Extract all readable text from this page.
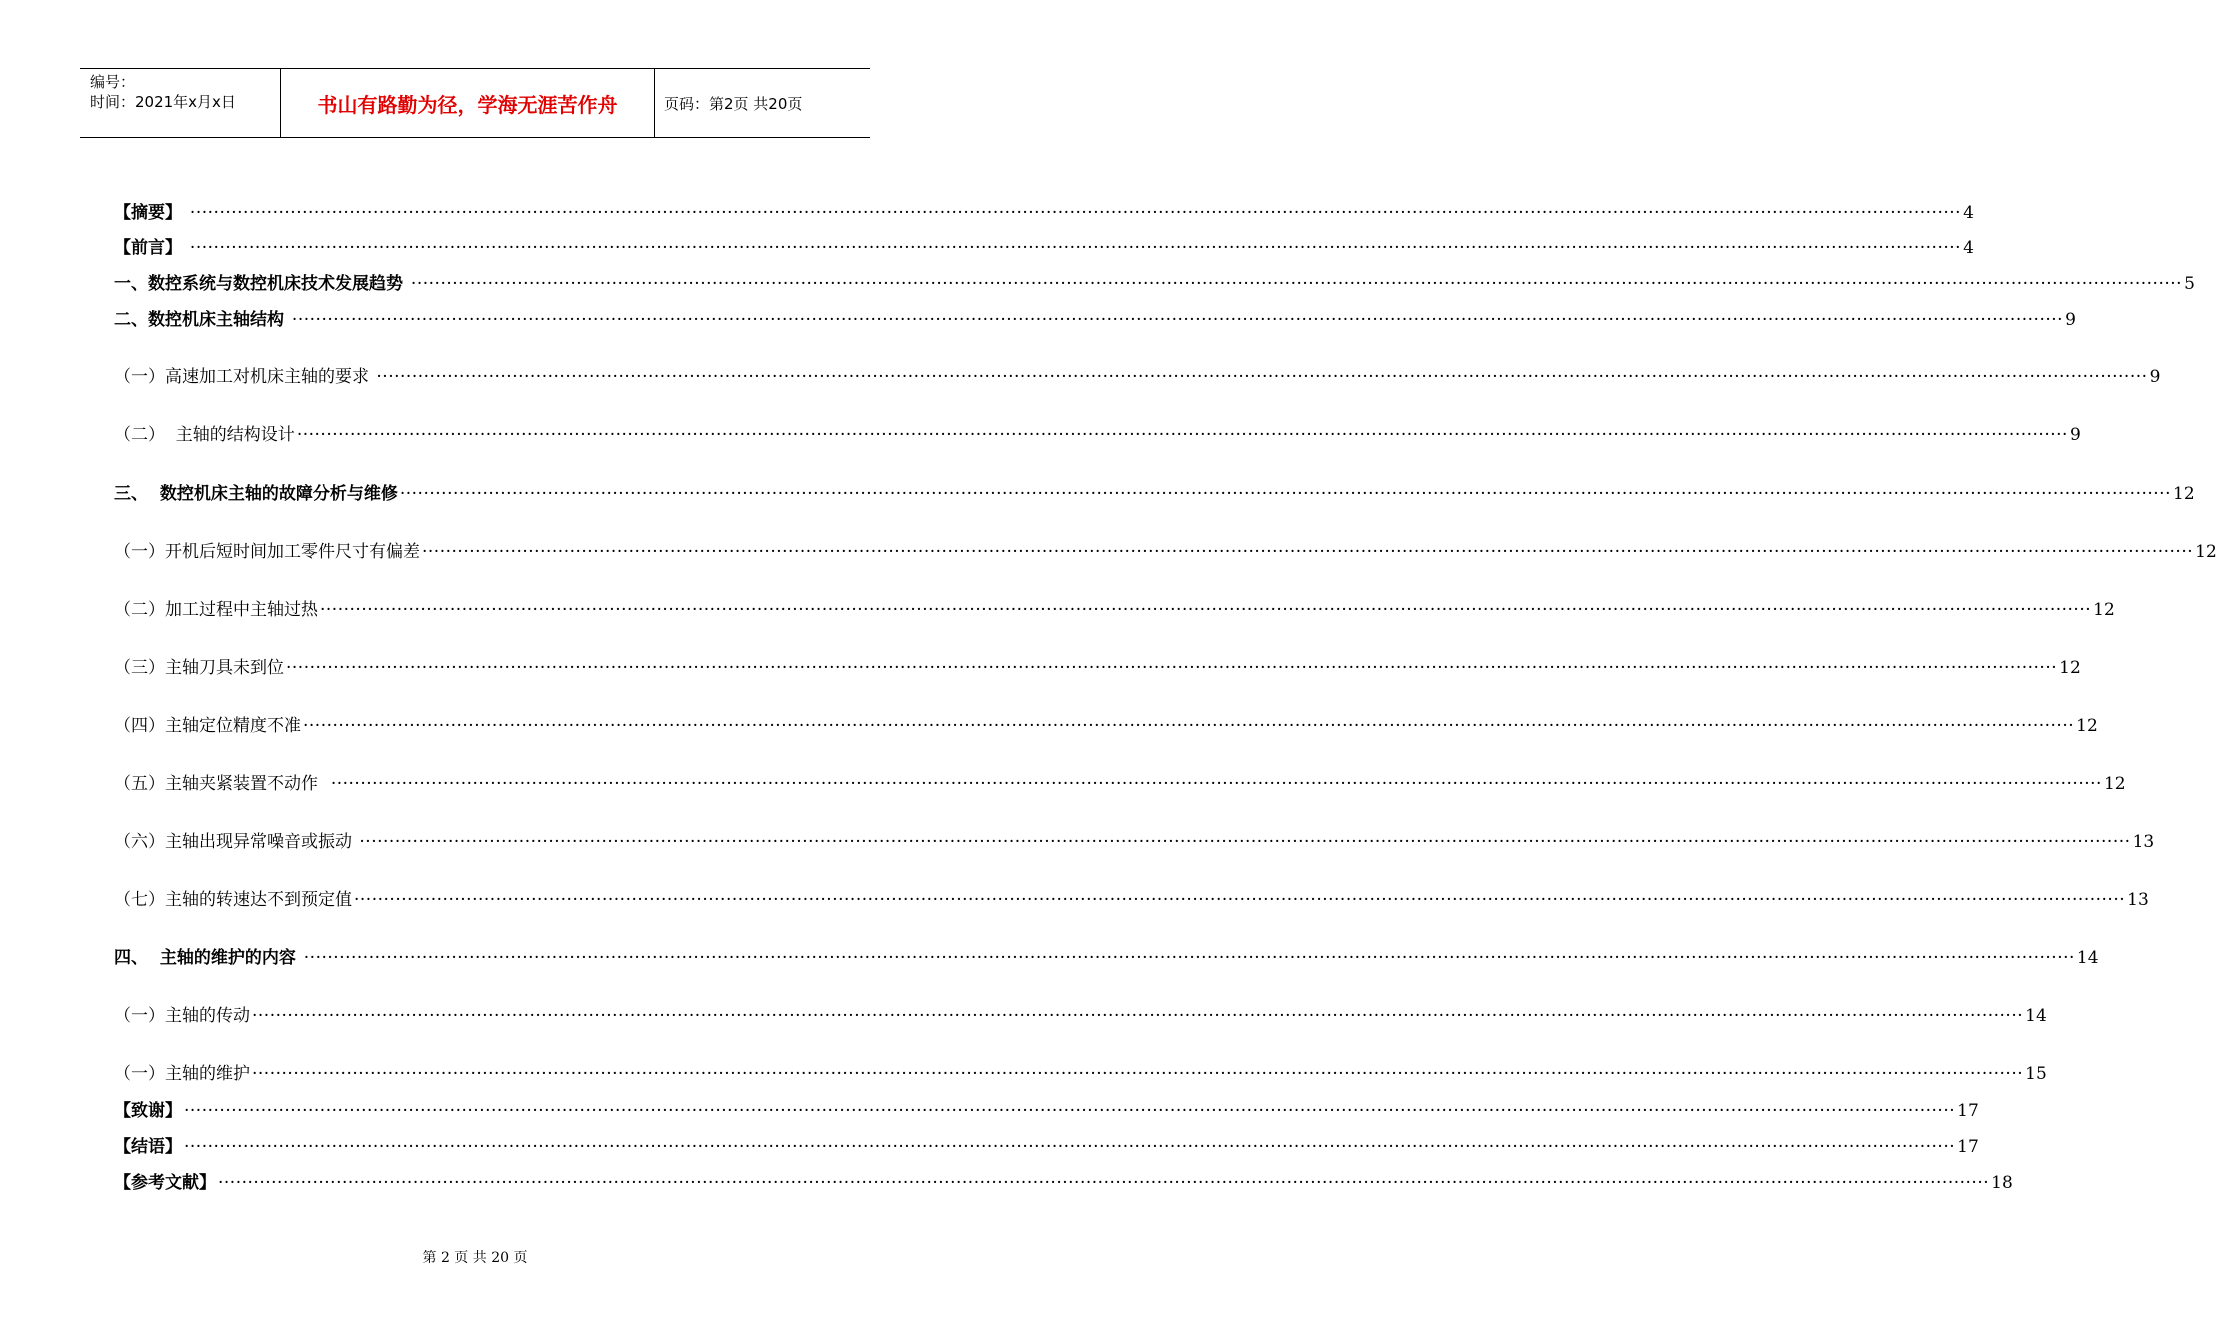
编号：
时间：2021年x月x日	书山有路勤为径，学海无涯苦作舟	页码：第2页 共20页
【摘要】 ············································································································································································································································································································ 4
【前言】 ············································································································································································································································································································ 4
一、数控系统与数控机床技术发展趋势 ············································································································································································································································································································ 5
二、数控机床主轴结构 ············································································································································································································································································································ 9
（一）高速加工对机床主轴的要求 ············································································································································································································································································································ 9
（二）  主轴的结构设计 ············································································································································································································································································································ 9
三、  数控机床主轴的故障分析与维修 ············································································································································································································································································································ 12
（一）开机后短时间加工零件尺寸有偏差 ············································································································································································································································································································ 12
（二）加工过程中主轴过热 ············································································································································································································································································································ 12
（三）主轴刀具未到位 ············································································································································································································································································································ 12
（四）主轴定位精度不准 ············································································································································································································································································································ 12
（五）主轴夹紧装置不动作 ············································································································································································································································································································ 12
（六）主轴出现异常噪音或振动 ············································································································································································································································································································ 13
（七）主轴的转速达不到预定值 ············································································································································································································································································································ 13
四、  主轴的维护的内容 ············································································································································································································································································································ 14
（一）主轴的传动 ············································································································································································································································································································ 14
（一）主轴的维护 ············································································································································································································································································································ 15
【致谢】 ············································································································································································································································································································ 17
【结语】 ············································································································································································································································································································ 17
【参考文献】 ············································································································································································································································································································ 18
第 2 页 共 20 页
